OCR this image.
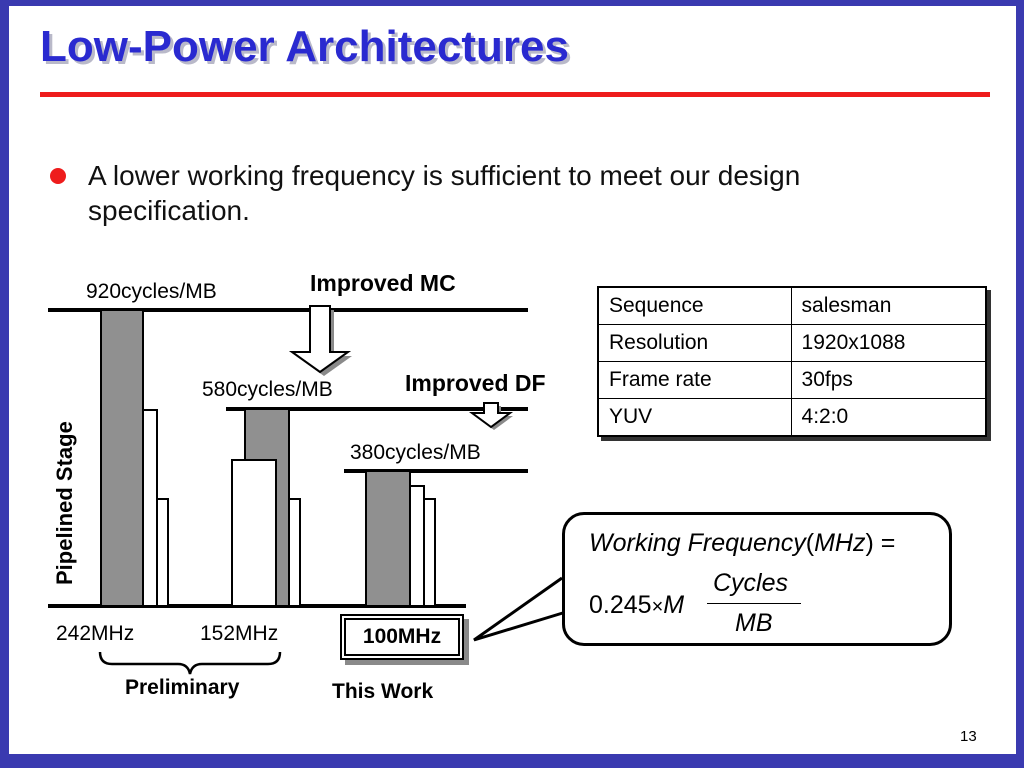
Low-Power Architectures
A lower working frequency is sufficient to meet our design specification.
920cycles/MB	Improved MC
580cycles/MB	Improved DF
380cycles/MB
Pipelined Stage
242MHz	152MHz	100MHz
Preliminary	This Work
Sequence	salesman
Resolution	1920x1088
Frame rate	30fps
YUV	4:2:0
Working Frequency(MHz) =
0.245×M
Cycles
MB
13
